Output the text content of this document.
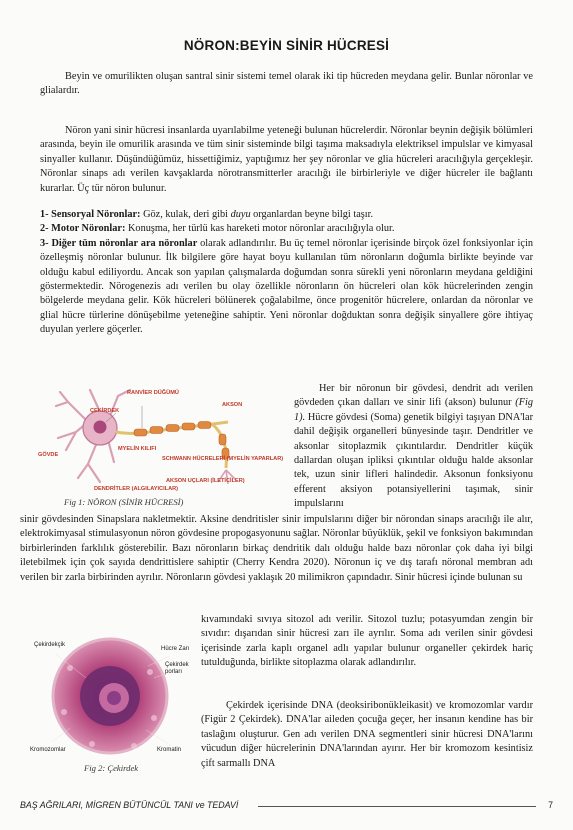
NÖRON:BEYİN SİNİR HÜCRESİ
Beyin ve omurilikten oluşan santral sinir sistemi temel olarak iki tip hücreden meydana gelir. Bunlar nöronlar ve glialardır.
Nöron yani sinir hücresi insanlarda uyarılabilme yeteneği bulunan hücrelerdir. Nöronlar beynin değişik bölümleri arasında, beyin ile omurilik arasında ve tüm sinir sisteminde bilgi taşıma maksadıyla elektriksel impulslar ve kimyasal sinyaller kullanır. Düşündüğümüz, hissettiğimiz, yaptığımız her şey nöronlar ve glia hücreleri aracılığıyla gerçekleşir. Nöronlar sinaps adı verilen kavşaklarda nörotransmitterler aracılığı ile birbirleriyle ve diğer hücreler ile bağlantı kurarlar. Üç tür nöron bulunur.
1- Sensoryal Nöronlar: Göz, kulak, deri gibi duyu organlardan beyne bilgi taşır.
2- Motor Nöronlar: Konuşma, her türlü kas hareketi motor nöronlar aracılığıyla olur.
3- Diğer tüm nöronlar ara nöronlar olarak adlandırılır. Bu üç temel nöronlar içerisinde birçok özel fonksiyonlar için özelleşmiş nöronlar bulunur. İlk bilgilere göre hayat boyu kullanılan tüm nöronların doğumla birlikte beyinde var olduğu kabul ediliyordu. Ancak son yapılan çalışmalarda doğumdan sonra sürekli yeni nöronların meydana geldiğini göstermektedir. Nörogenezis adı verilen bu olay özellikle nöronların ön hücreleri olan kök hücrelerinden zengin bölgelerde meydana gelir. Kök hücreleri bölünerek çoğalabilme, önce progenitör hücrelere, onlardan da nöronlar ve glial hücre türlerine dönüşebilme yeteneğine sahiptir. Yeni nöronlar doğduktan sonra değişik sinyallere göre ihtiyaç duyulan yerlere göçerler.
RANVİER DÜĞÜMÜ
ÇEKİRDEK
AKSON
GÖVDE
MYELİN KILIFI
SCHWANN HÜCRELERİ (MYELİN YAPARLAR)
DENDRİTLER (ALGILAYICILAR)
AKSON UÇLARI (İLETİCİLER)
Fig 1: NÖRON (SİNİR HÜCRESİ)
Her bir nöronun bir gövdesi, dendrit adı verilen gövdeden çıkan dalları ve sinir lifi (akson) bulunur (Fig 1). Hücre gövdesi (Soma) genetik bilgiyi taşıyan DNA'lar dahil değişik organelleri bünyesinde taşır. Dendritler ve aksonlar sitoplazmik çıkıntılardır. Dendritler küçük dallardan oluşan ipliksi çıkıntılar olduğu halde aksonlar tek, uzun sinir lifleri halindedir. Aksonun fonksiyonu efferent aksiyon potansiyellerini taşımak, sinir impulslarını
sinir gövdesinden Sinapslara nakletmektir. Aksine dendritisler sinir impulslarını diğer bir nörondan sinaps aracılığı ile alır, elektrokimyasal stimulasyonun nöron gövdesine propogasyonunu sağlar. Nöronlar büyüklük, şekil ve fonksiyon bakımından birbirlerinden farklılık gösterebilir. Bazı nöronların birkaç dendritik dalı olduğu halde bazı nöronlar çok daha iyi bilgi iletebilmek için çok sayıda dendrittislere sahiptir (Cherry Kendra 2020). Nöronun iç ve dış tarafı nöronal membran adı verilen bir zarla birbirinden ayrılır. Nöronların gövdesi yaklaşık 20 milimikron çapındadır. Sinir hücresi içinde bulunan su
Çekirdekçik
Hücre Zarı
Çekirdek porları
Kromozomlar	Kromatin
Fig 2: Çekirdek
kıvamındaki sıvıya sitozol adı verilir. Sitozol tuzlu; potasyumdan zengin bir sıvıdır: dışarıdan sinir hücresi zarı ile ayrılır. Soma adı verilen sinir gövdesi içerisinde zarla kaplı organel adlı yapılar bulunur organeller çekirdek hariç tutulduğunda, birlikte sitoplazma olarak adlandırılır.
Çekirdek içerisinde DNA (deoksiribonükleikasit) ve kromozomlar vardır (Figür 2 Çekirdek). DNA'lar aileden çocuğa geçer, her insanın kendine has bir taslağını oluşturur. Gen adı verilen DNA segmentleri sinir hücresi DNA'larını vücudun diğer hücrelerinin DNA'larından ayırır. Her bir kromozom kesintisiz çift sarmallı DNA
BAŞ AĞRILARI, MİGREN BÜTÜNCÜL TANI ve TEDAVİ	7
